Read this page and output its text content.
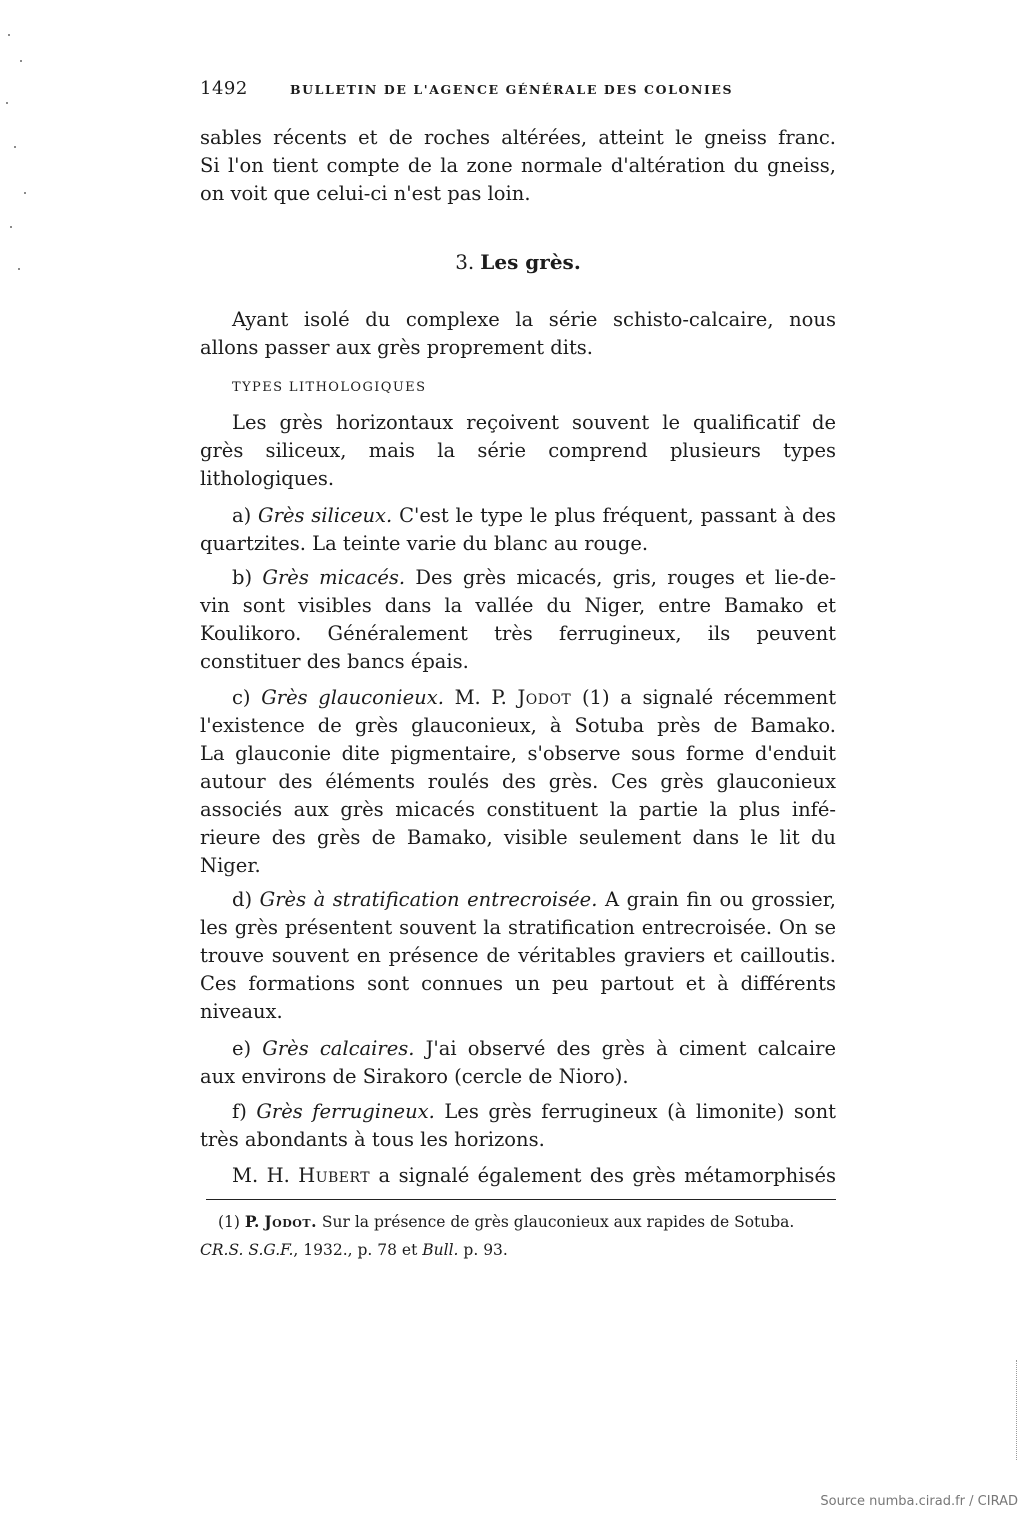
1492	BULLETIN DE L'AGENCE GÉNÉRALE DES COLONIES
sables récents et de roches altérées, atteint le gneiss franc.
Si l'on tient compte de la zone normale d'altération du gneiss,
on voit que celui-ci n'est pas loin.
3. Les grès.
Ayant isolé du complexe la série schisto-calcaire, nous
allons passer aux grès proprement dits.
TYPES LITHOLOGIQUES
Les grès horizontaux reçoivent souvent le qualificatif de
grès siliceux, mais la série comprend plusieurs types
lithologiques.
a) Grès siliceux. C'est le type le plus fréquent, passant à des
quartzites. La teinte varie du blanc au rouge.
b) Grès micacés. Des grès micacés, gris, rouges et lie-de-
vin sont visibles dans la vallée du Niger, entre Bamako et
Koulikoro. Généralement très ferrugineux, ils peuvent
constituer des bancs épais.
c) Grès glauconieux. M. P. Jodot (1) a signalé récemment
l'existence de grès glauconieux, à Sotuba près de Bamako.
La glauconie dite pigmentaire, s'observe sous forme d'enduit
autour des éléments roulés des grès. Ces grès glauconieux
associés aux grès micacés constituent la partie la plus infé-
rieure des grès de Bamako, visible seulement dans le lit du
Niger.
d) Grès à stratification entrecroisée. A grain fin ou grossier,
les grès présentent souvent la stratification entrecroisée. On se
trouve souvent en présence de véritables graviers et cailloutis.
Ces formations sont connues un peu partout et à différents
niveaux.
e) Grès calcaires. J'ai observé des grès à ciment calcaire
aux environs de Sirakoro (cercle de Nioro).
f) Grès ferrugineux. Les grès ferrugineux (à limonite) sont
très abondants à tous les horizons.
M. H. Hubert a signalé également des grès métamorphisés
(1) P. Jodot. Sur la présence de grès glauconieux aux rapides de Sotuba.
CR.S. S.G.F., 1932., p. 78 et Bull. p. 93.
Source numba.cirad.fr / CIRAD
